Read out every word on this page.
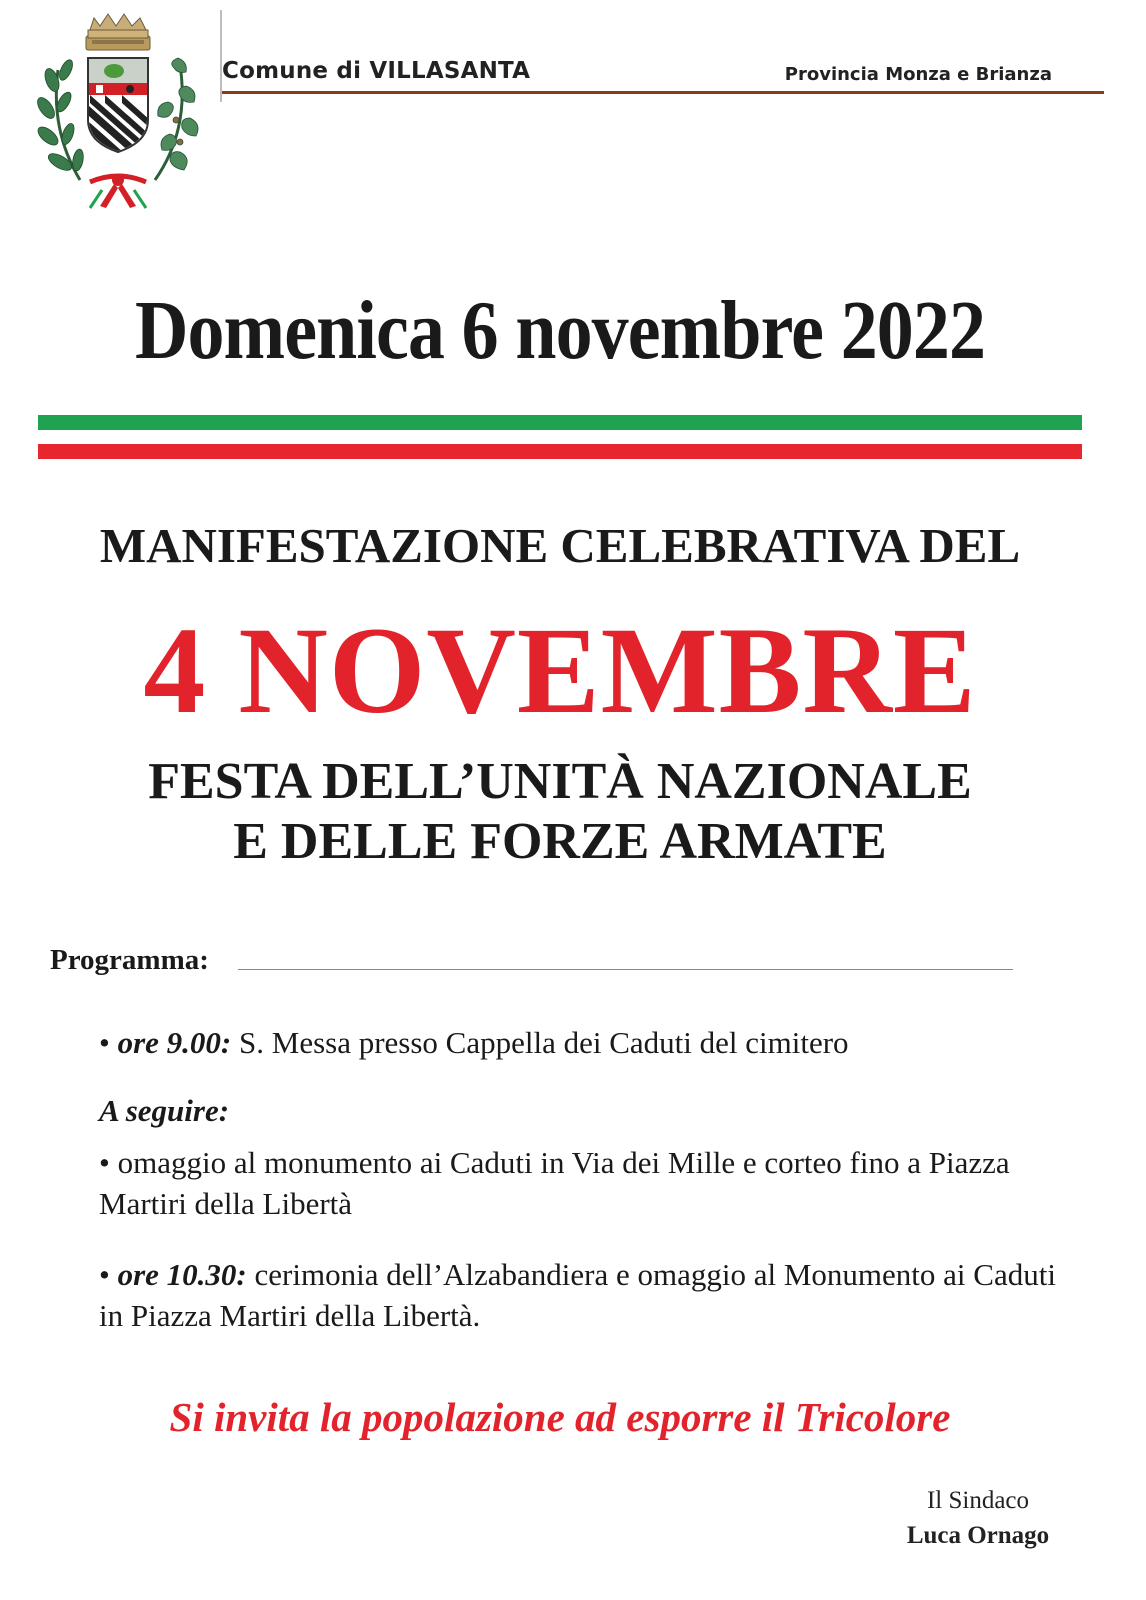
Comune di VILLASANTA	Provincia Monza e Brianza
Domenica 6 novembre 2022
MANIFESTAZIONE CELEBRATIVA DEL
4 NOVEMBRE
FESTA DELL’UNITÀ NAZIONALE
E DELLE FORZE ARMATE
Programma:
• ore 9.00: S. Messa presso Cappella dei Caduti del cimitero
A seguire:
• omaggio al monumento ai Caduti in Via dei Mille e corteo fino a Piazza Martiri della Libertà
• ore 10.30: cerimonia dell’Alzabandiera e omaggio al Monumento ai Caduti in Piazza Martiri della Libertà.
Si invita la popolazione ad esporre il Tricolore
Il Sindaco
Luca Ornago
